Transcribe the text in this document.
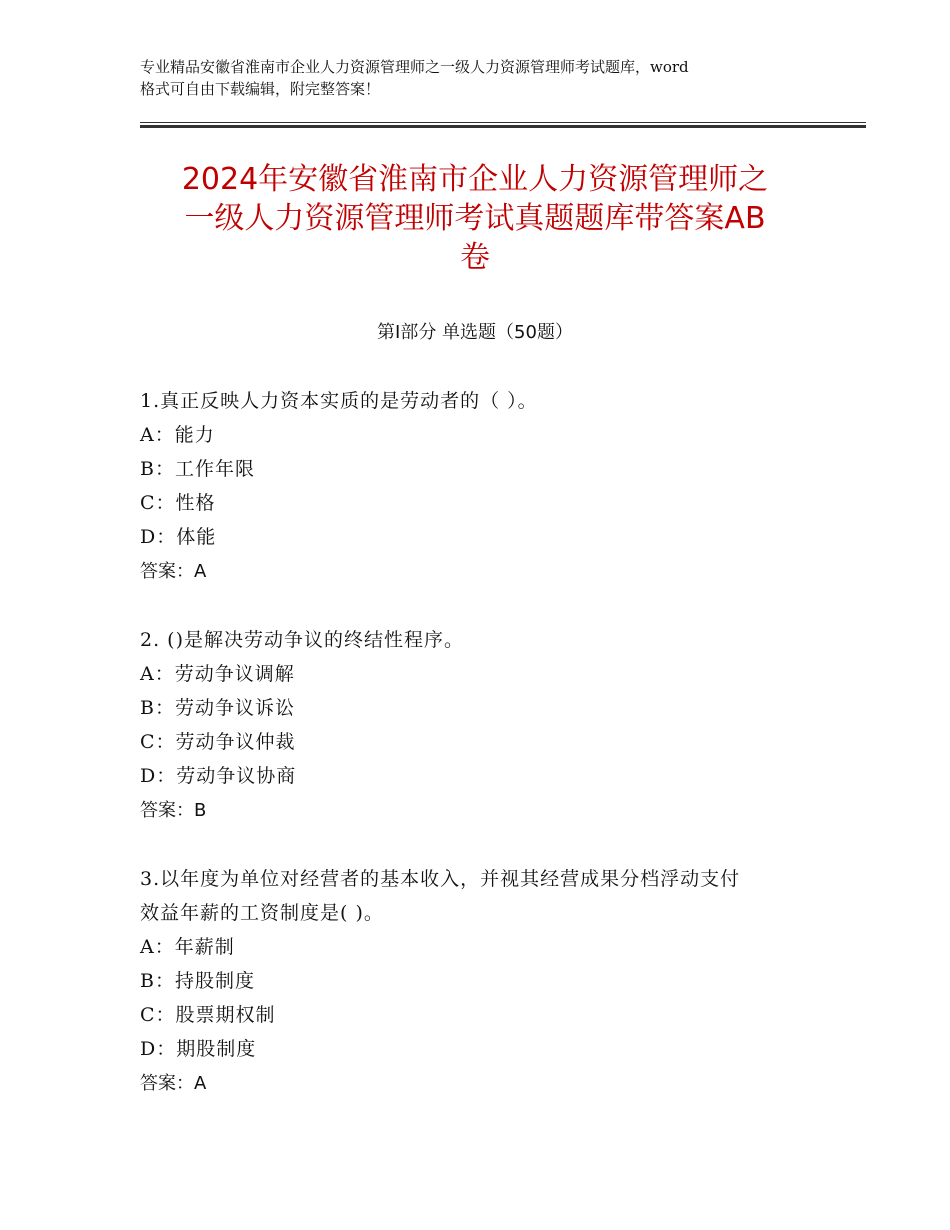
专业精品安徽省淮南市企业人力资源管理师之一级人力资源管理师考试题库，word
格式可自由下载编辑，附完整答案！
2024年安徽省淮南市企业人力资源管理师之
一级人力资源管理师考试真题题库带答案AB
卷
第Ⅰ部分 单选题（50题）
1.真正反映人力资本实质的是劳动者的（ ）。
A：能力
B：工作年限
C：性格
D：体能
答案：A
2. ()是解决劳动争议的终结性程序。
A：劳动争议调解
B：劳动争议诉讼
C：劳动争议仲裁
D：劳动争议协商
答案：B
3.以年度为单位对经营者的基本收入，并视其经营成果分档浮动支付
效益年薪的工资制度是( )。
A：年薪制
B：持股制度
C：股票期权制
D：期股制度
答案：A
